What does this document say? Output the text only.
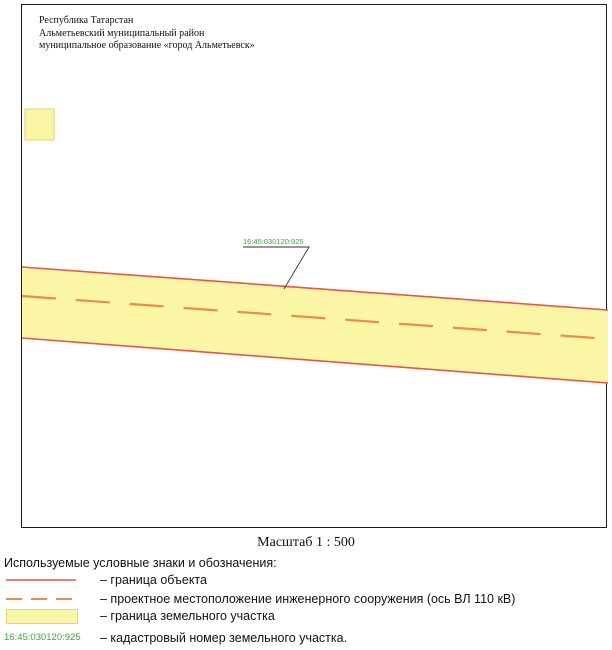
16:45:030120:925
Республика Татарстан
Альметьевский муниципальный район
муниципальное образование «город Альметьевск»
Масштаб 1 : 500
Используемые условные знаки и обозначения:
– граница объекта
– проектное местоположение инженерного сооружения (ось ВЛ 110 кВ)
– граница земельного участка
16:45:030120:925 – кадастровый номер земельного участка.
